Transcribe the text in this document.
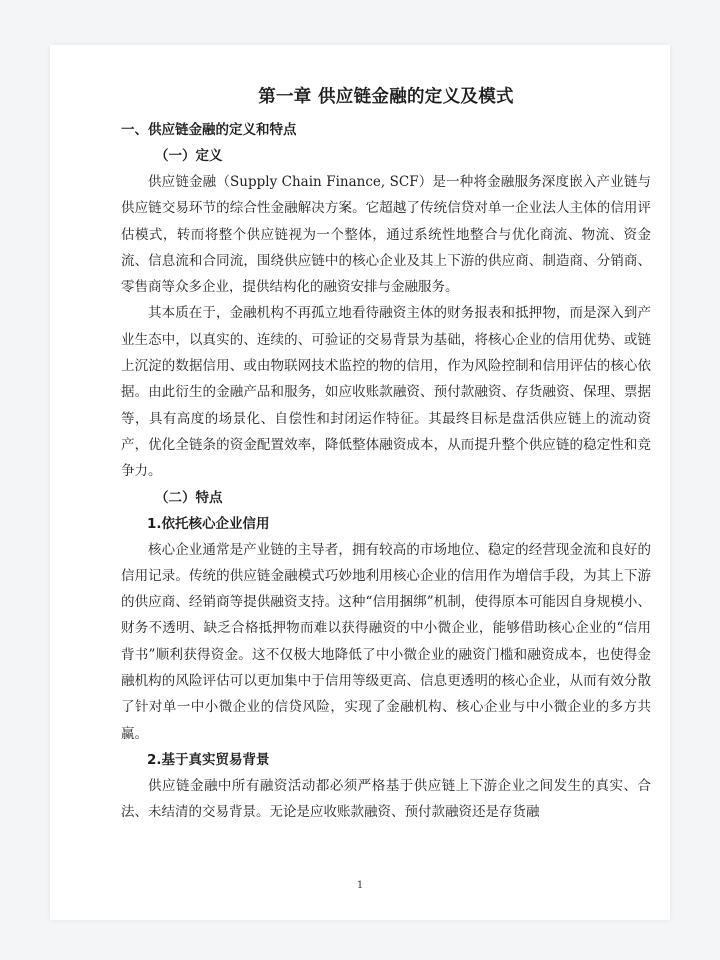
第一章 供应链金融的定义及模式
一、供应链金融的定义和特点
（一）定义

供应链金融（Supply Chain Finance, SCF）是一种将金融服务深度嵌入产业链与供应链交易环节的综合性金融解决方案。它超越了传统信贷对单一企业法人主体的信用评估模式，转而将整个供应链视为一个整体，通过系统性地整合与优化商流、物流、资金流、信息流和合同流，围绕供应链中的核心企业及其上下游的供应商、制造商、分销商、零售商等众多企业，提供结构化的融资安排与金融服务。

其本质在于，金融机构不再孤立地看待融资主体的财务报表和抵押物，而是深入到产业生态中，以真实的、连续的、可验证的交易背景为基础，将核心企业的信用优势、或链上沉淀的数据信用、或由物联网技术监控的物的信用，作为风险控制和信用评估的核心依据。由此衍生的金融产品和服务，如应收账款融资、预付款融资、存货融资、保理、票据等，具有高度的场景化、自偿性和封闭运作特征。其最终目标是盘活供应链上的流动资产，优化全链条的资金配置效率，降低整体融资成本，从而提升整个供应链的稳定性和竞争力。

（二）特点
1.依托核心企业信用

核心企业通常是产业链的主导者，拥有较高的市场地位、稳定的经营现金流和良好的信用记录。传统的供应链金融模式巧妙地利用核心企业的信用作为增信手段，为其上下游的供应商、经销商等提供融资支持。这种“信用捆绑”机制，使得原本可能因自身规模小、财务不透明、缺乏合格抵押物而难以获得融资的中小微企业，能够借助核心企业的“信用背书”顺利获得资金。这不仅极大地降低了中小微企业的融资门槛和融资成本，也使得金融机构的风险评估可以更加集中于信用等级更高、信息更透明的核心企业，从而有效分散了针对单一中小微企业的信贷风险，实现了金融机构、核心企业与中小微企业的多方共赢。

2.基于真实贸易背景

供应链金融中所有融资活动都必须严格基于供应链上下游企业之间发生的真实、合法、未结清的交易背景。无论是应收账款融资、预付款融资还是存货融

1
